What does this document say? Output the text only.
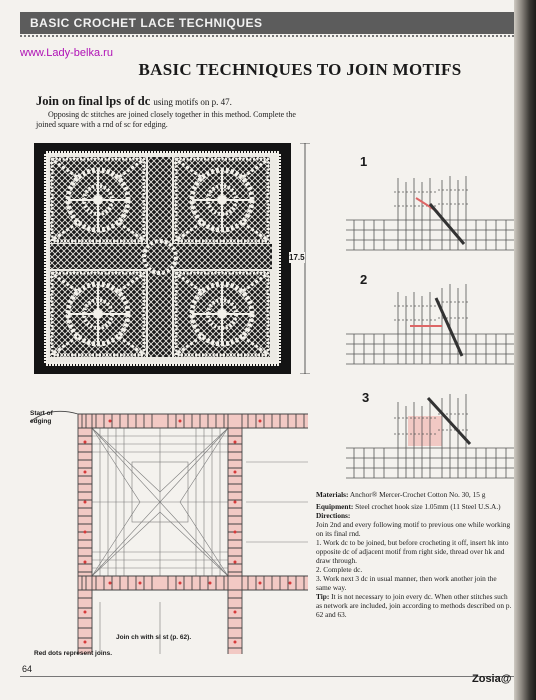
BASIC CROCHET LACE TECHNIQUES
www.Lady-belka.ru
BASIC TECHNIQUES TO JOIN MOTIFS
Join on final lps of dc using motifs on p. 47.
Opposing dc stitches are joined closely together in this method. Complete the joined square with a rnd of sc for edging.
17.5
1
2
3
Start of edging
Join ch with sl st (p. 62).
Red dots represent joins.

Materials: Anchor® Mercer-Crochet Cotton No. 30, 15 g

Equipment: Steel crochet hook size 1.05mm (11 Steel U.S.A.)

Directions:

Join 2nd and every following motif to previous one while working on its final rnd.

1. Work dc to be joined, but before crocheting it off, insert hk into opposite dc of adjacent motif from right side, thread over hk and draw through.

2. Complete dc.

3. Work next 3 dc in usual manner, then work another join the same way.

Tip: It is not necessary to join every dc. When other stitches such as network are included, join according to methods described on p. 62 and 63.

64
Zosia@
